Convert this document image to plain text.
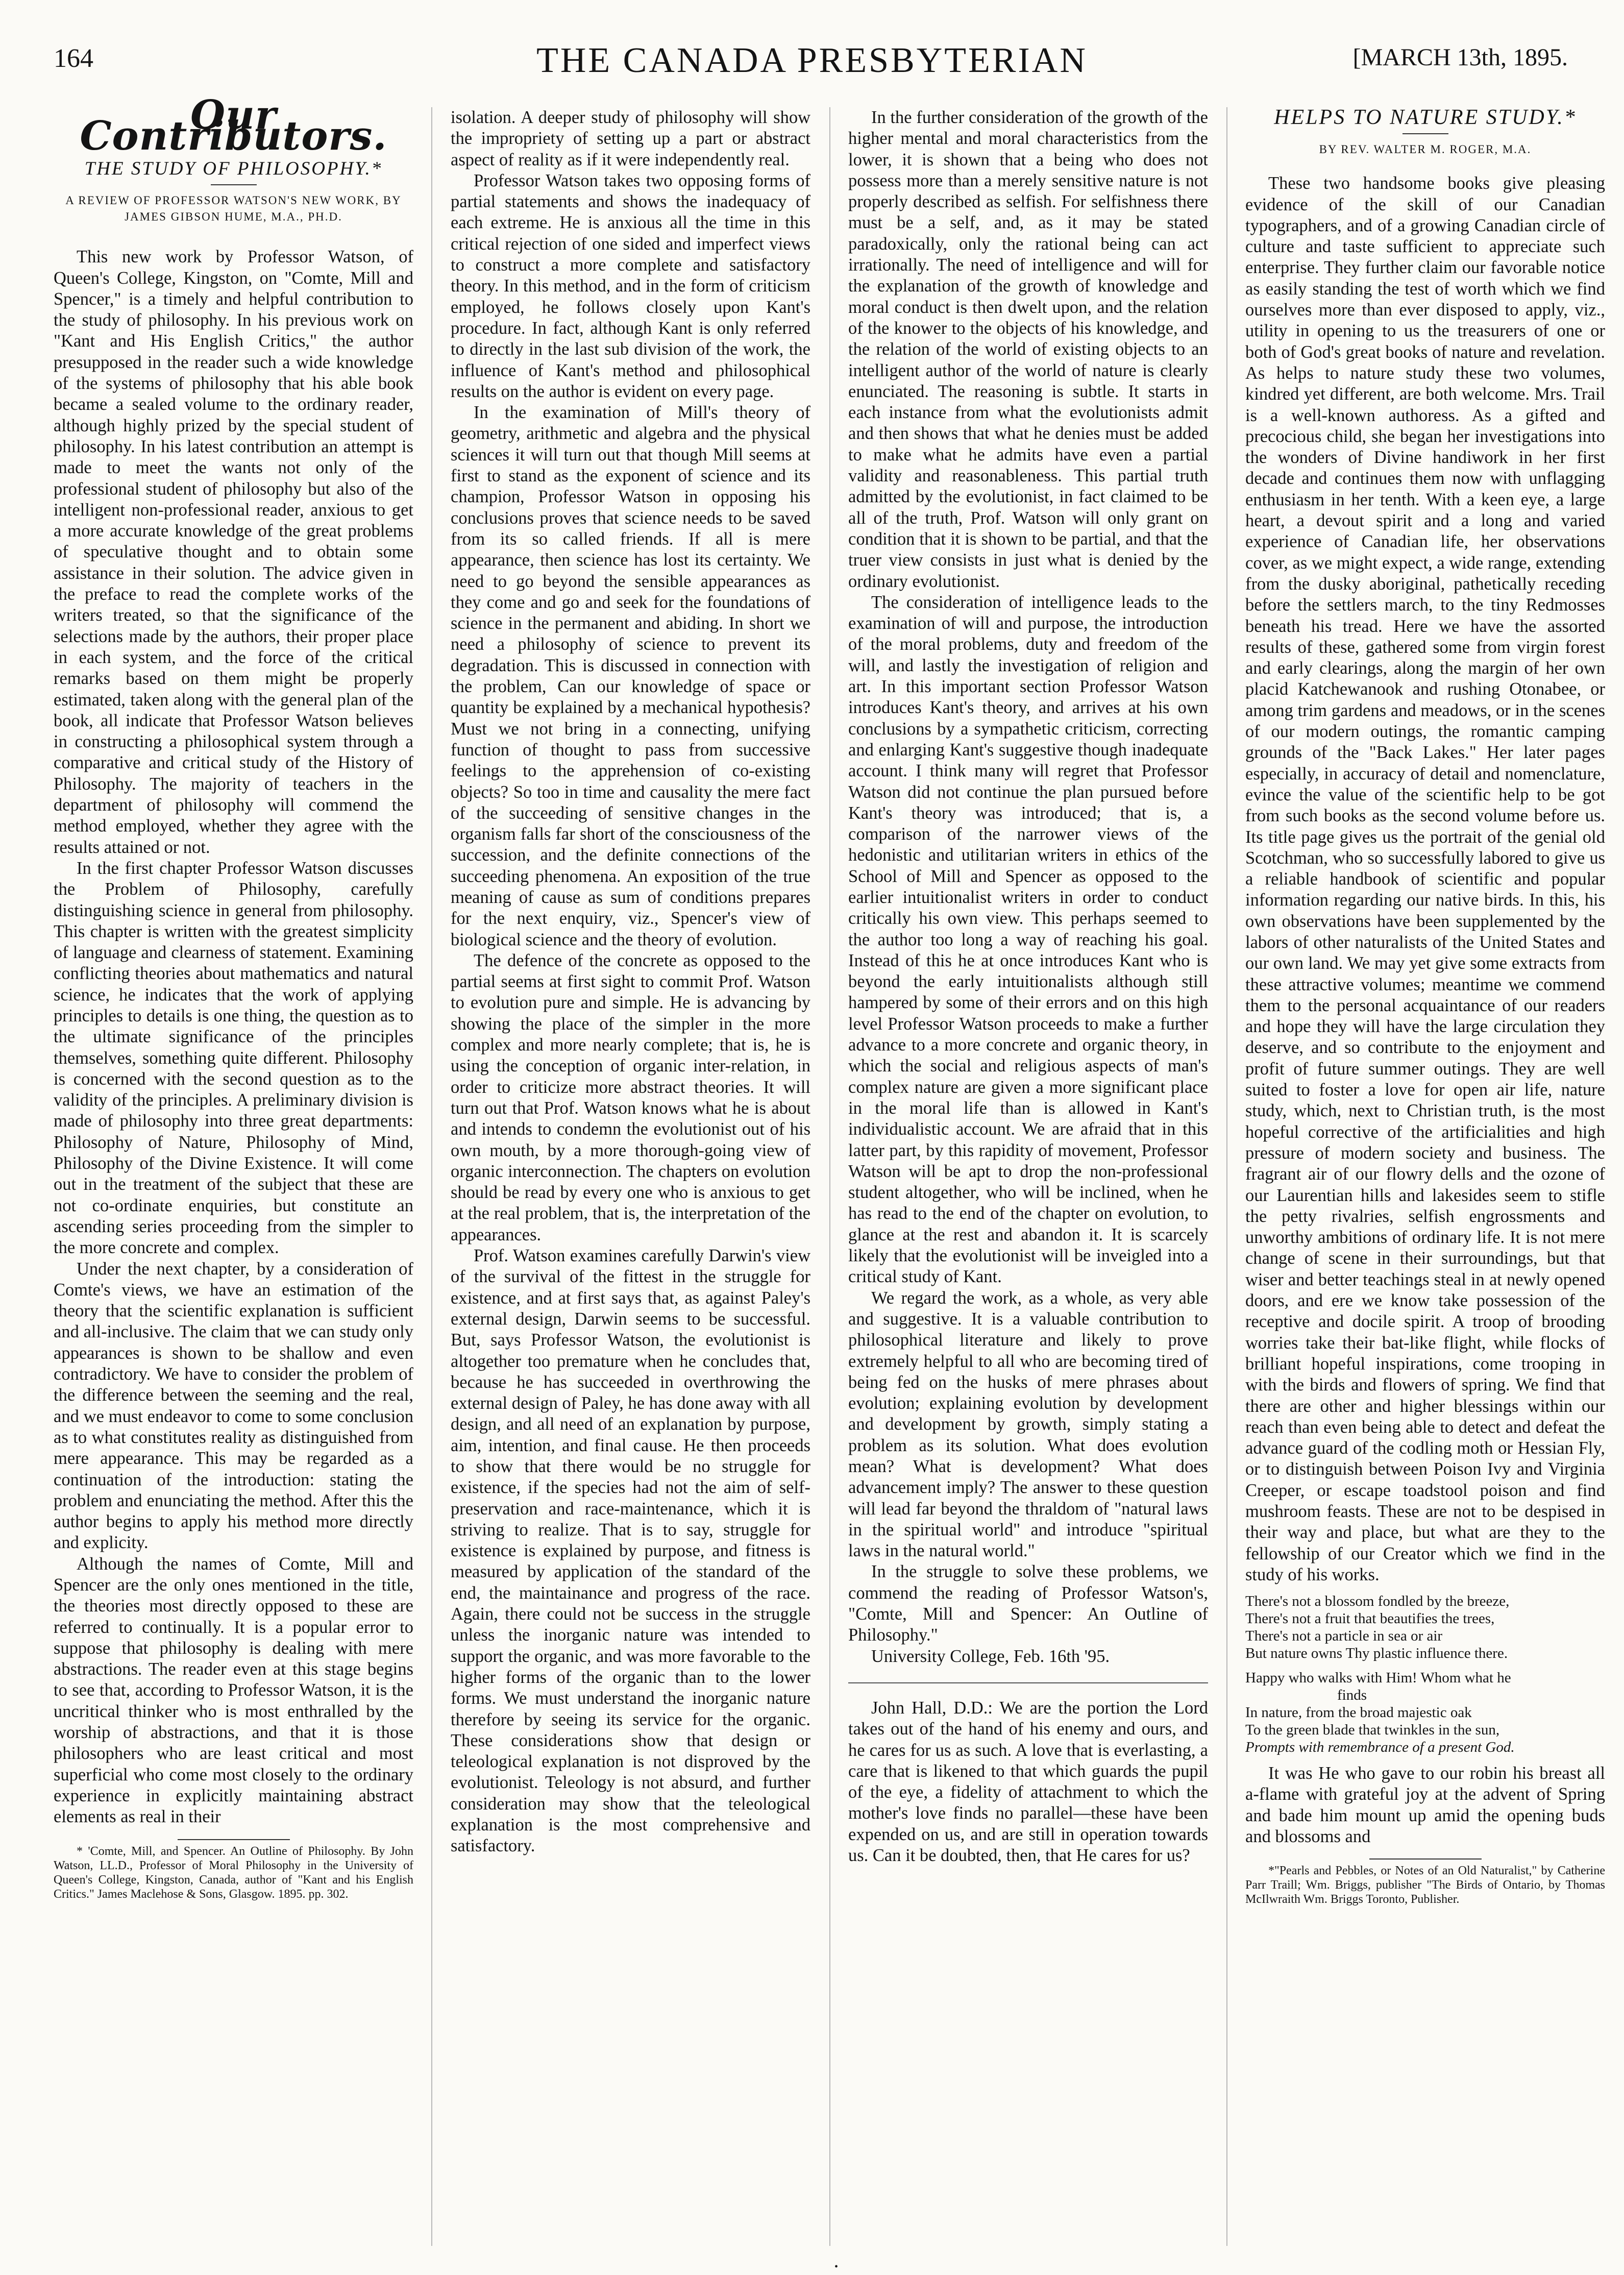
164	THE CANADA PRESBYTERIAN	[MARCH 13th, 1895.
Our Contributors.
THE STUDY OF PHILOSOPHY.*
A REVIEW OF PROFESSOR WATSON'S NEW WORK, BY JAMES GIBSON HUME, M.A., PH.D.

This new work by Professor Watson, of Queen's College, Kingston, on "Comte, Mill and Spencer," is a timely and helpful contribution to the study of philosophy. In his previous work on "Kant and His English Critics," the author presupposed in the reader such a wide knowledge of the systems of philosophy that his able book became a sealed volume to the ordinary reader, although highly prized by the special student of philosophy. In his latest contribution an attempt is made to meet the wants not only of the professional student of philosophy but also of the intelligent non-professional reader, anxious to get a more accurate knowledge of the great problems of speculative thought and to obtain some assistance in their solution. The advice given in the preface to read the complete works of the writers treated, so that the significance of the selections made by the authors, their proper place in each system, and the force of the critical remarks based on them might be properly estimated, taken along with the general plan of the book, all indicate that Professor Watson believes in constructing a philosophical system through a comparative and critical study of the History of Philosophy. The majority of teachers in the department of philosophy will commend the method employed, whether they agree with the results attained or not.

In the first chapter Professor Watson discusses the Problem of Philosophy, carefully distinguishing science in general from philosophy. This chapter is written with the greatest simplicity of language and clearness of statement. Examining conflicting theories about mathematics and natural science, he indicates that the work of applying principles to details is one thing, the question as to the ultimate significance of the principles themselves, something quite different. Philosophy is concerned with the second question as to the validity of the principles. A preliminary division is made of philosophy into three great departments: Philosophy of Nature, Philosophy of Mind, Philosophy of the Divine Existence. It will come out in the treatment of the subject that these are not co-ordinate enquiries, but constitute an ascending series proceeding from the simpler to the more concrete and complex.

Under the next chapter, by a consideration of Comte's views, we have an estimation of the theory that the scientific explanation is sufficient and all-inclusive. The claim that we can study only appearances is shown to be shallow and even contradictory. We have to consider the problem of the difference between the seeming and the real, and we must endeavor to come to some conclusion as to what constitutes reality as distinguished from mere appearance. This may be regarded as a continuation of the introduction: stating the problem and enunciating the method. After this the author begins to apply his method more directly and explicity.

Although the names of Comte, Mill and Spencer are the only ones mentioned in the title, the theories most directly opposed to these are referred to continually. It is a popular error to suppose that philosophy is dealing with mere abstractions. The reader even at this stage begins to see that, according to Professor Watson, it is the uncritical thinker who is most enthralled by the worship of abstractions, and that it is those philosophers who are least critical and most superficial who come most closely to the ordinary experience in explicitly maintaining abstract elements as real in their

* 'Comte, Mill, and Spencer. An Outline of Philosophy. By John Watson, LL.D., Professor of Moral Philosophy in the University of Queen's College, Kingston, Canada, author of "Kant and his English Critics." James Maclehose & Sons, Glasgow. 1895. pp. 302.

isolation. A deeper study of philosophy will show the impropriety of setting up a part or abstract aspect of reality as if it were independently real.

Professor Watson takes two opposing forms of partial statements and shows the inadequacy of each extreme. He is anxious all the time in this critical rejection of one sided and imperfect views to construct a more complete and satisfactory theory. In this method, and in the form of criticism employed, he follows closely upon Kant's procedure. In fact, although Kant is only referred to directly in the last sub division of the work, the influence of Kant's method and philosophical results on the author is evident on every page.

In the examination of Mill's theory of geometry, arithmetic and algebra and the physical sciences it will turn out that though Mill seems at first to stand as the exponent of science and its champion, Professor Watson in opposing his conclusions proves that science needs to be saved from its so called friends. If all is mere appearance, then science has lost its certainty. We need to go beyond the sensible appearances as they come and go and seek for the foundations of science in the permanent and abiding. In short we need a philosophy of science to prevent its degradation. This is discussed in connection with the problem, Can our knowledge of space or quantity be explained by a mechanical hypothesis? Must we not bring in a connecting, unifying function of thought to pass from successive feelings to the apprehension of co-existing objects? So too in time and causality the mere fact of the succeeding of sensitive changes in the organism falls far short of the consciousness of the succession, and the definite connections of the succeeding phenomena. An exposition of the true meaning of cause as sum of conditions prepares for the next enquiry, viz., Spencer's view of biological science and the theory of evolution.

The defence of the concrete as opposed to the partial seems at first sight to commit Prof. Watson to evolution pure and simple. He is advancing by showing the place of the simpler in the more complex and more nearly complete; that is, he is using the conception of organic inter-relation, in order to criticize more abstract theories. It will turn out that Prof. Watson knows what he is about and intends to condemn the evolutionist out of his own mouth, by a more thorough-going view of organic interconnection. The chapters on evolution should be read by every one who is anxious to get at the real problem, that is, the interpretation of the appearances.

Prof. Watson examines carefully Darwin's view of the survival of the fittest in the struggle for existence, and at first says that, as against Paley's external design, Darwin seems to be successful. But, says Professor Watson, the evolutionist is altogether too premature when he concludes that, because he has succeeded in overthrowing the external design of Paley, he has done away with all design, and all need of an explanation by purpose, aim, intention, and final cause. He then proceeds to show that there would be no struggle for existence, if the species had not the aim of self-preservation and race-maintenance, which it is striving to realize. That is to say, struggle for existence is explained by purpose, and fitness is measured by application of the standard of the end, the maintainance and progress of the race. Again, there could not be success in the struggle unless the inorganic nature was intended to support the organic, and was more favorable to the higher forms of the organic than to the lower forms. We must understand the inorganic nature therefore by seeing its service for the organic. These considerations show that design or teleological explanation is not disproved by the evolutionist. Teleology is not absurd, and further consideration may show that the teleological explanation is the most comprehensive and satisfactory.

In the further consideration of the growth of the higher mental and moral characteristics from the lower, it is shown that a being who does not possess more than a merely sensitive nature is not properly described as selfish. For selfishness there must be a self, and, as it may be stated paradoxically, only the rational being can act irrationally. The need of intelligence and will for the explanation of the growth of knowledge and moral conduct is then dwelt upon, and the relation of the knower to the objects of his knowledge, and the relation of the world of existing objects to an intelligent author of the world of nature is clearly enunciated. The reasoning is subtle. It starts in each instance from what the evolutionists admit and then shows that what he denies must be added to make what he admits have even a partial validity and reasonableness. This partial truth admitted by the evolutionist, in fact claimed to be all of the truth, Prof. Watson will only grant on condition that it is shown to be partial, and that the truer view consists in just what is denied by the ordinary evolutionist.

The consideration of intelligence leads to the examination of will and purpose, the introduction of the moral problems, duty and freedom of the will, and lastly the investigation of religion and art. In this important section Professor Watson introduces Kant's theory, and arrives at his own conclusions by a sympathetic criticism, correcting and enlarging Kant's suggestive though inadequate account. I think many will regret that Professor Watson did not continue the plan pursued before Kant's theory was introduced; that is, a comparison of the narrower views of the hedonistic and utilitarian writers in ethics of the School of Mill and Spencer as opposed to the earlier intuitionalist writers in order to conduct critically his own view. This perhaps seemed to the author too long a way of reaching his goal. Instead of this he at once introduces Kant who is beyond the early intuitionalists although still hampered by some of their errors and on this high level Professor Watson proceeds to make a further advance to a more concrete and organic theory, in which the social and religious aspects of man's complex nature are given a more significant place in the moral life than is allowed in Kant's individualistic account. We are afraid that in this latter part, by this rapidity of movement, Professor Watson will be apt to drop the non-professional student altogether, who will be inclined, when he has read to the end of the chapter on evolution, to glance at the rest and abandon it. It is scarcely likely that the evolutionist will be inveigled into a critical study of Kant.

We regard the work, as a whole, as very able and suggestive. It is a valuable contribution to philosophical literature and likely to prove extremely helpful to all who are becoming tired of being fed on the husks of mere phrases about evolution; explaining evolution by development and development by growth, simply stating a problem as its solution. What does evolution mean? What is development? What does advancement imply? The answer to these question will lead far beyond the thraldom of "natural laws in the spiritual world" and introduce "spiritual laws in the natural world."

In the struggle to solve these problems, we commend the reading of Professor Watson's, "Comte, Mill and Spencer: An Outline of Philosophy."

University College, Feb. 16th '95.

John Hall, D.D.: We are the portion the Lord takes out of the hand of his enemy and ours, and he cares for us as such. A love that is everlasting, a care that is likened to that which guards the pupil of the eye, a fidelity of attachment to which the mother's love finds no parallel—these have been expended on us, and are still in operation towards us. Can it be doubted, then, that He cares for us?

HELPS TO NATURE STUDY.*
BY REV. WALTER M. ROGER, M.A.

These two handsome books give pleasing evidence of the skill of our Canadian typographers, and of a growing Canadian circle of culture and taste sufficient to appreciate such enterprise. They further claim our favorable notice as easily standing the test of worth which we find ourselves more than ever disposed to apply, viz., utility in opening to us the treasurers of one or both of God's great books of nature and revelation. As helps to nature study these two volumes, kindred yet different, are both welcome. Mrs. Trail is a well-known authoress. As a gifted and precocious child, she began her investigations into the wonders of Divine handiwork in her first decade and continues them now with unflagging enthusiasm in her tenth. With a keen eye, a large heart, a devout spirit and a long and varied experience of Canadian life, her observations cover, as we might expect, a wide range, extending from the dusky aboriginal, pathetically receding before the settlers march, to the tiny Redmosses beneath his tread. Here we have the assorted results of these, gathered some from virgin forest and early clearings, along the margin of her own placid Katchewanook and rushing Otonabee, or among trim gardens and meadows, or in the scenes of our modern outings, the romantic camping grounds of the "Back Lakes." Her later pages especially, in accuracy of detail and nomenclature, evince the value of the scientific help to be got from such books as the second volume before us. Its title page gives us the portrait of the genial old Scotchman, who so successfully labored to give us a reliable handbook of scientific and popular information regarding our native birds. In this, his own observations have been supplemented by the labors of other naturalists of the United States and our own land. We may yet give some extracts from these attractive volumes; meantime we commend them to the personal acquaintance of our readers and hope they will have the large circulation they deserve, and so contribute to the enjoyment and profit of future summer outings. They are well suited to foster a love for open air life, nature study, which, next to Christian truth, is the most hopeful corrective of the artificialities and high pressure of modern society and business. The fragrant air of our flowry dells and the ozone of our Laurentian hills and lakesides seem to stifle the petty rivalries, selfish engrossments and unworthy ambitions of ordinary life. It is not mere change of scene in their surroundings, but that wiser and better teachings steal in at newly opened doors, and ere we know take possession of the receptive and docile spirit. A troop of brooding worries take their bat-like flight, while flocks of brilliant hopeful inspirations, come trooping in with the birds and flowers of spring. We find that there are other and higher blessings within our reach than even being able to detect and defeat the advance guard of the codling moth or Hessian Fly, or to distinguish between Poison Ivy and Virginia Creeper, or escape toadstool poison and find mushroom feasts. These are not to be despised in their way and place, but what are they to the fellowship of our Creator which we find in the study of his works.

There's not a blossom fondled by the breeze,
There's not a fruit that beautifies the trees,
There's not a particle in sea or air
But nature owns Thy plastic influence there.
Happy who walks with Him! Whom what he
finds
In nature, from the broad majestic oak
To the green blade that twinkles in the sun,
Prompts with remembrance of a present God.

It was He who gave to our robin his breast all a-flame with grateful joy at the advent of Spring and bade him mount up amid the opening buds and blossoms and

*"Pearls and Pebbles, or Notes of an Old Naturalist," by Catherine Parr Traill; Wm. Briggs, publisher "The Birds of Ontario, by Thomas McIlwraith Wm. Briggs Toronto, Publisher.

•
